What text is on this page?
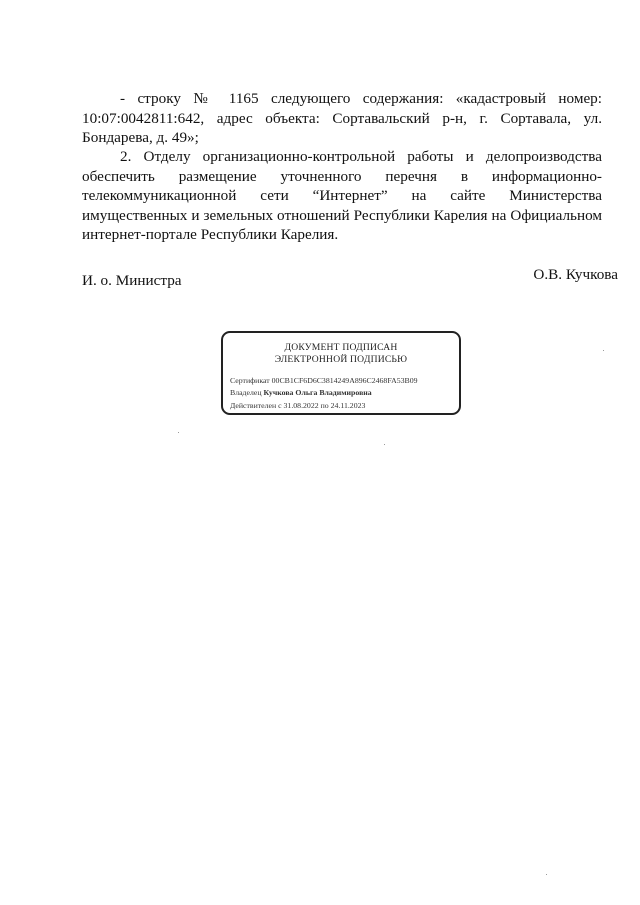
- строку № 1165 следующего содержания: «кадастровый номер: 10:07:0042811:642, адрес объекта: Сортавальский р-н, г. Сортавала, ул. Бондарева, д. 49»;
2. Отделу организационно-контрольной работы и делопроизводства обеспечить размещение уточненного перечня в информационно-телекоммуникационной сети “Интернет” на сайте Министерства имущественных и земельных отношений Республики Карелия на Официальном интернет-портале Республики Карелия.
И. о. Министра	О.В. Кучкова
ДОКУМЕНТ ПОДПИСАН
ЭЛЕКТРОННОЙ ПОДПИСЬЮ
Сертификат 00CB1CF6D6C3814249A896C2468FA53B09
Владелец Кучкова Ольга Владимировна
Действителен с 31.08.2022 по 24.11.2023
